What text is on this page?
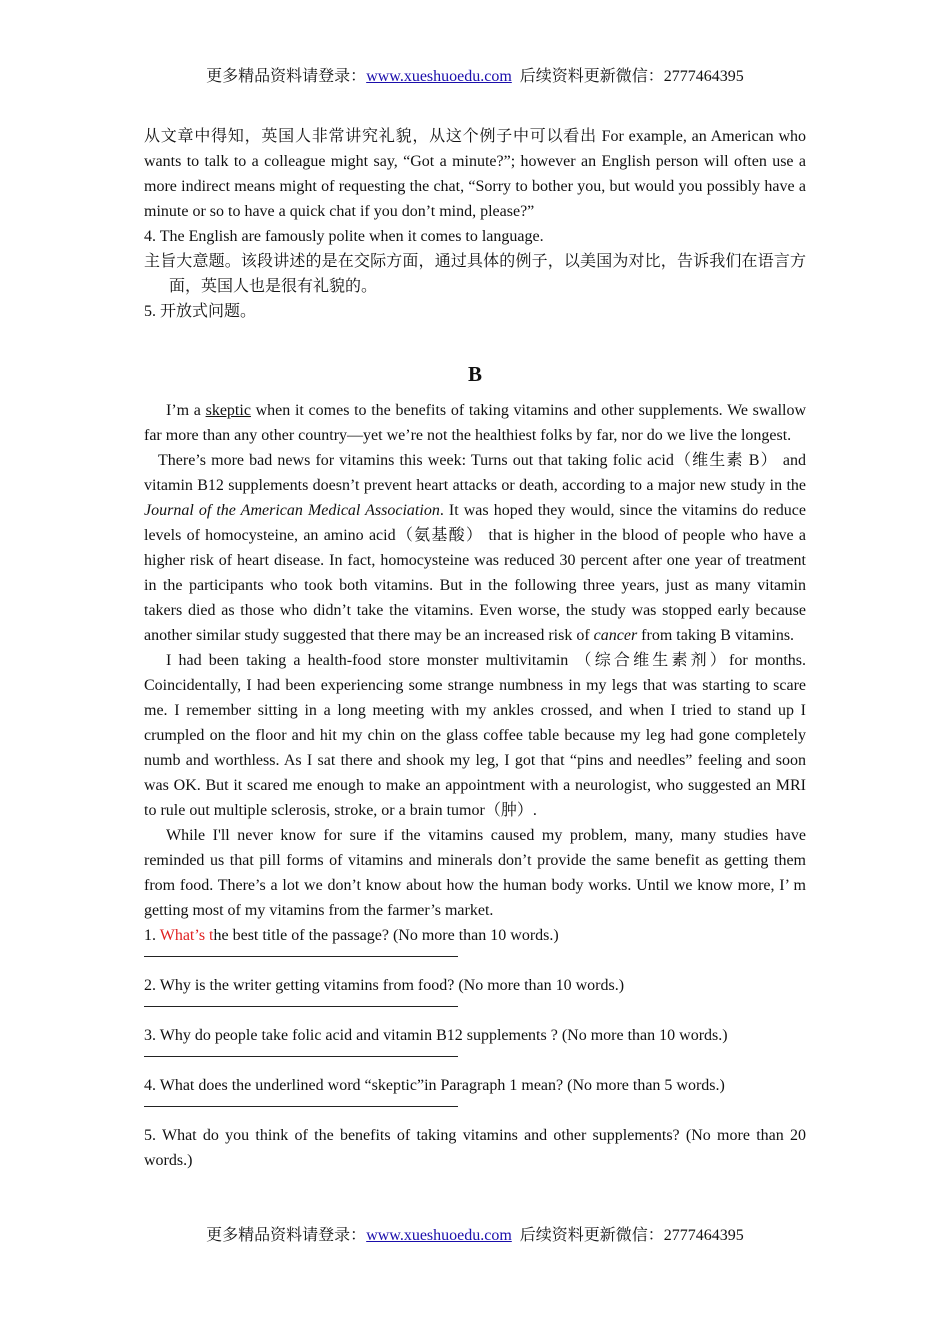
更多精品资料请登录：www.xueshuoedu.com 后续资料更新微信：2777464395

从文章中得知，英国人非常讲究礼貌，从这个例子中可以看出 For example, an American who wants to talk to a colleague might say, “Got a minute?”; however an English person will often use a more indirect means might of requesting the chat, “Sorry to bother you, but would you possibly have a minute or so to have a quick chat if you don’t mind, please?”

4. The English are famously polite when it comes to language.

主旨大意题。该段讲述的是在交际方面，通过具体的例子，以美国为对比，告诉我们在语言方面，英国人也是很有礼貌的。

5. 开放式问题。

B

I’m a skeptic when it comes to the benefits of taking vitamins and other supplements. We swallow far more than any other country—yet we’re not the healthiest folks by far, nor do we live the longest.

There’s more bad news for vitamins this week: Turns out that taking folic acid（维生素 B） and vitamin B12 supplements doesn’t prevent heart attacks or death, according to a major new study in the Journal of the American Medical Association. It was hoped they would, since the vitamins do reduce levels of homocysteine, an amino acid（氨基酸） that is higher in the blood of people who have a higher risk of heart disease. In fact, homocysteine was reduced 30 percent after one year of treatment in the participants who took both vitamins. But in the following three years, just as many vitamin takers died as those who didn’t take the vitamins. Even worse, the study was stopped early because another similar study suggested that there may be an increased risk of cancer from taking B vitamins.

I had been taking a health-food store monster multivitamin （综合维生素剂）for months. Coincidentally, I had been experiencing some strange numbness in my legs that was starting to scare me. I remember sitting in a long meeting with my ankles crossed, and when I tried to stand up I crumpled on the floor and hit my chin on the glass coffee table because my leg had gone completely numb and worthless. As I sat there and shook my leg, I got that “pins and needles” feeling and soon was OK. But it scared me enough to make an appointment with a neurologist, who suggested an MRI to rule out multiple sclerosis, stroke, or a brain tumor（肿）.

While I'll never know for sure if the vitamins caused my problem, many, many studies have reminded us that pill forms of vitamins and minerals don’t provide the same benefit as getting them from food. There’s a lot we don’t know about how the human body works. Until we know more, I’ m getting most of my vitamins from the farmer’s market.

1. What’s the best title of the passage? (No more than 10 words.)

2. Why is the writer getting vitamins from food? (No more than 10 words.)

3. Why do people take folic acid and vitamin B12 supplements ? (No more than 10 words.)

4. What does the underlined word “skeptic”in Paragraph 1 mean? (No more than 5 words.)

5. What do you think of the benefits of taking vitamins and other supplements? (No more than 20 words.)

更多精品资料请登录：www.xueshuoedu.com 后续资料更新微信：2777464395
